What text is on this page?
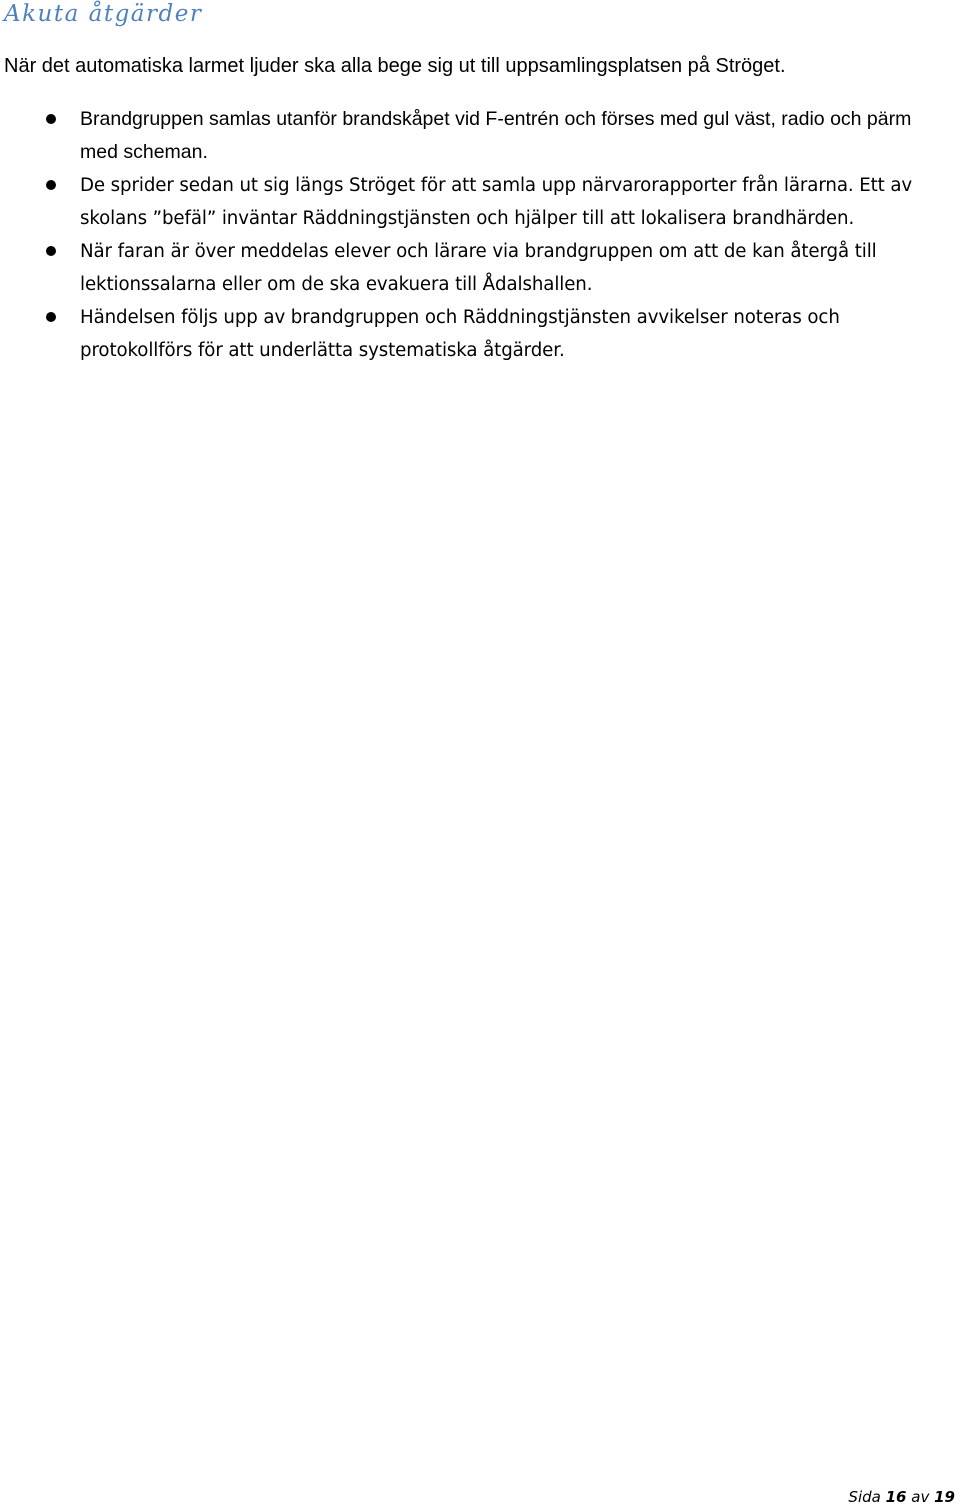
Akuta åtgärder

När det automatiska larmet ljuder ska alla bege sig ut till uppsamlingsplatsen på Ströget.

Brandgruppen samlas utanför brandskåpet vid F-entrén och förses med gul väst, radio och pärm med scheman.
De sprider sedan ut sig längs Ströget för att samla upp närvarorapporter från lärarna. Ett av skolans ”befäl” inväntar Räddningstjänsten och hjälper till att lokalisera brandhärden.
När faran är över meddelas elever och lärare via brandgruppen om att de kan återgå till lektionssalarna eller om de ska evakuera till Ådalshallen.
Händelsen följs upp av brandgruppen och Räddningstjänsten avvikelser noteras och protokollförs för att underlätta systematiska åtgärder.
Sida 16 av 19
